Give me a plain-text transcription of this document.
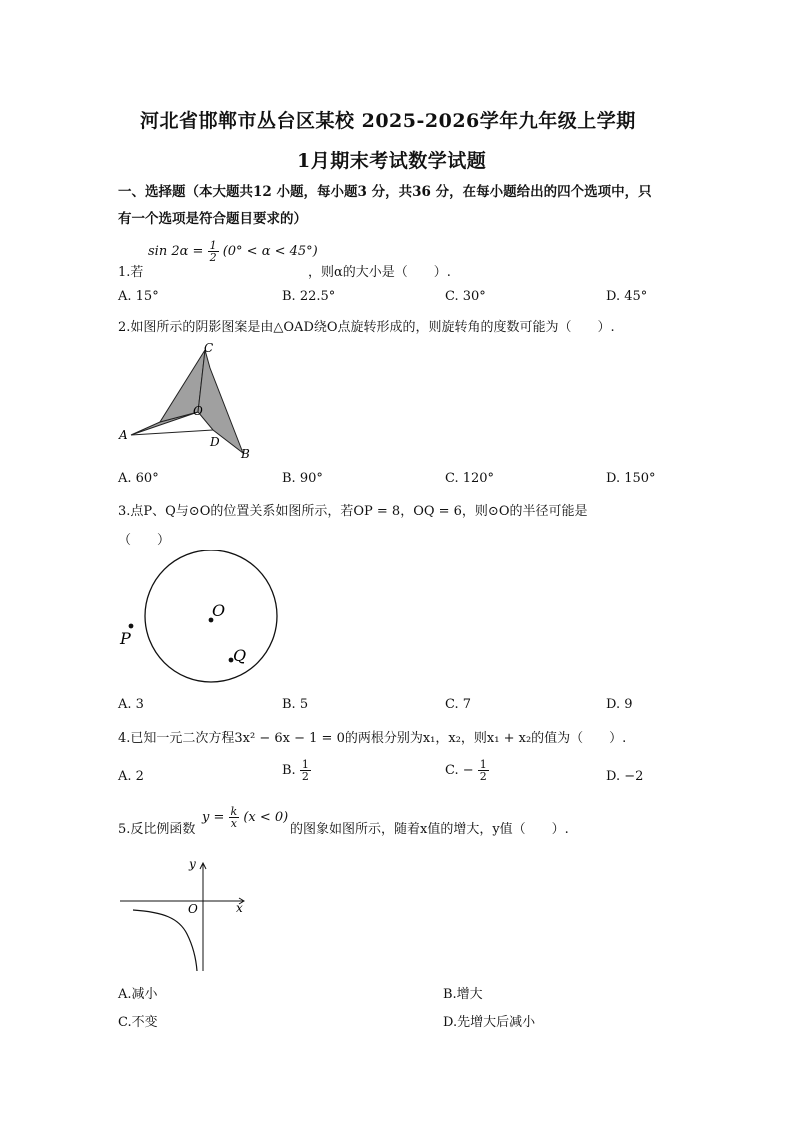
河北省邯郸市丛台区某校 2025-2026学年九年级上学期
1月期末考试数学试题
一、选择题（本大题共12 小题，每小题3 分，共36 分，在每小题给出的四个选项中，只
有一个选项是符合题目要求的）
1.若
$\sin 2\alpha = \frac{1}{2} (0^\circ < \alpha < 45^\circ)$
，则α的大小是（　　）.
A. 15°	B. 22.5°	C. 30°	D. 45°
2.如图所示的阴影图案是由△OAD绕O点旋转形成的，则旋转角的度数可能为（　　）.
A
B
C
D
O
A. 60°	B. 90°	C. 120°	D. 150°
3.点P、Q与⊙O的位置关系如图所示，若OP = 8，OQ = 6，则⊙O的半径可能是
（　　）
O
P
Q
A. 3	B. 5	C. 7	D. 9
4.已知一元二次方程3x² − 6x − 1 = 0的两根分别为x₁，x₂，则x₁ + x₂的值为（　　）.
A. 2	B. $\frac{1}{2}$	C. − $\frac{1}{2}$	D. −2
5.反比例函数
$y = \frac{k}{x} (x < 0)$
的图象如图所示，随着x值的增大，y值（　　）.
y
x
O
A.减小	B.增大
C.不变	D.先增大后减小
